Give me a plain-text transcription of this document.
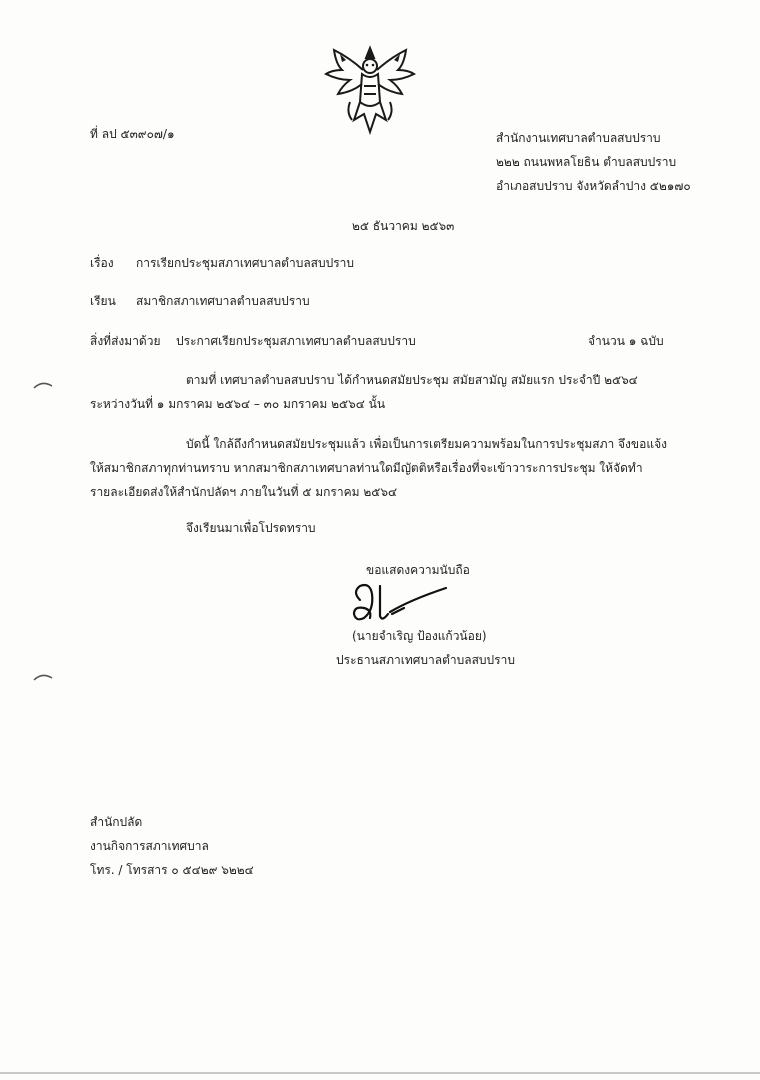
ที่ ลป ๕๓๙๐๗/๑	สำนักงานเทศบาลตำบลสบปราบ
๒๒๒ ถนนพหลโยธิน ตำบลสบปราบ
อำเภอสบปราบ จังหวัดลำปาง ๕๒๑๗๐
๒๕ ธันวาคม ๒๕๖๓
เรื่อง การเรียกประชุมสภาเทศบาลตำบลสบปราบ
เรียน สมาชิกสภาเทศบาลตำบลสบปราบ
สิ่งที่ส่งมาด้วย ประกาศเรียกประชุมสภาเทศบาลตำบลสบปราบ	จำนวน ๑ ฉบับ
ตามที่ เทศบาลตำบลสบปราบ ได้กำหนดสมัยประชุม สมัยสามัญ สมัยแรก ประจำปี ๒๕๖๔
ระหว่างวันที่ ๑ มกราคม ๒๕๖๔ – ๓๐ มกราคม ๒๕๖๔ นั้น
บัดนี้ ใกล้ถึงกำหนดสมัยประชุมแล้ว เพื่อเป็นการเตรียมความพร้อมในการประชุมสภา จึงขอแจ้ง
ให้สมาชิกสภาทุกท่านทราบ หากสมาชิกสภาเทศบาลท่านใดมีญัตติหรือเรื่องที่จะเข้าวาระการประชุม ให้จัดทำ
รายละเอียดส่งให้สำนักปลัดฯ ภายในวันที่ ๕ มกราคม ๒๕๖๔
จึงเรียนมาเพื่อโปรดทราบ
ขอแสดงความนับถือ
(นายจำเริญ ป้องแก้วน้อย)
ประธานสภาเทศบาลตำบลสบปราบ
สำนักปลัด
งานกิจการสภาเทศบาล
โทร. / โทรสาร ๐ ๕๔๒๙ ๖๒๒๔
